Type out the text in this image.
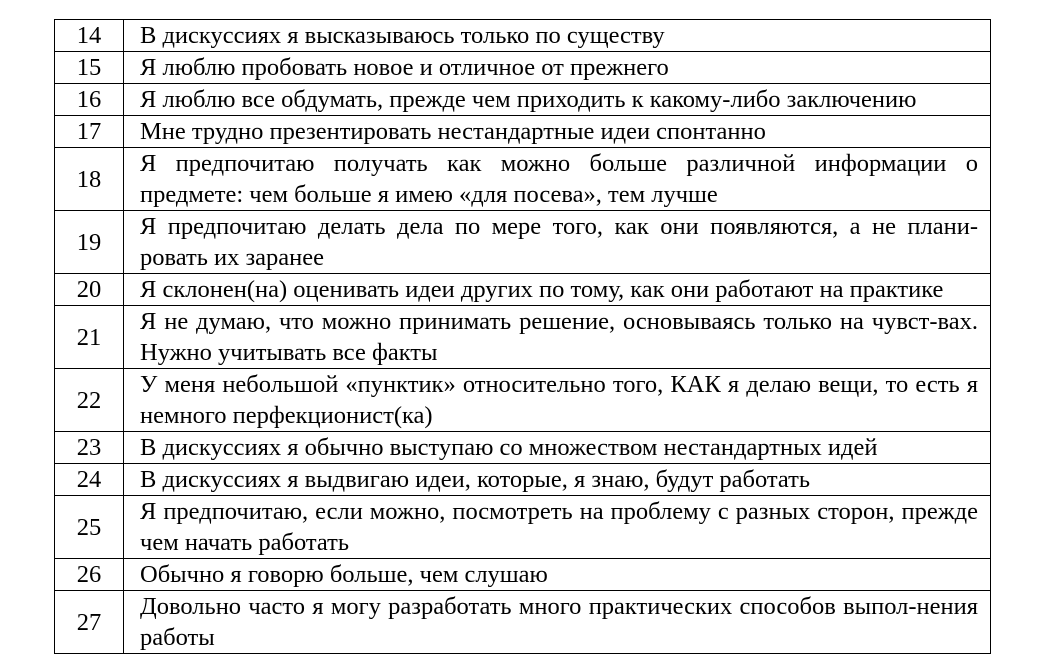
14	В дискуссиях я высказываюсь только по существу
15	Я люблю пробовать новое и отличное от прежнего
16	Я люблю все обдумать, прежде чем приходить к какому-либо заключению
17	Мне трудно презентировать нестандартные идеи спонтанно
18	Я предпочитаю получать как можно больше различной информации о предмете: чем больше я имею «для посева», тем лучше

19	Я предпочитаю делать дела по мере того, как они появляются, а не плани-ровать их заранее

20	Я склонен(на) оценивать идеи других по тому, как они работают на практике
21	Я не думаю, что можно принимать решение, основываясь только на чувст-вах. Нужно учитывать все факты

22	У меня небольшой «пунктик» относительно того, КАК я делаю вещи, то есть я немного перфекционист(ка)

23	В дискуссиях я обычно выступаю со множеством нестандартных идей
24	В дискуссиях я выдвигаю идеи, которые, я знаю, будут работать
25	Я предпочитаю, если можно, посмотреть на проблему с разных сторон, прежде чем начать работать

26	Обычно я говорю больше, чем слушаю
27	Довольно часто я могу разработать много практических способов выпол-нения работы
